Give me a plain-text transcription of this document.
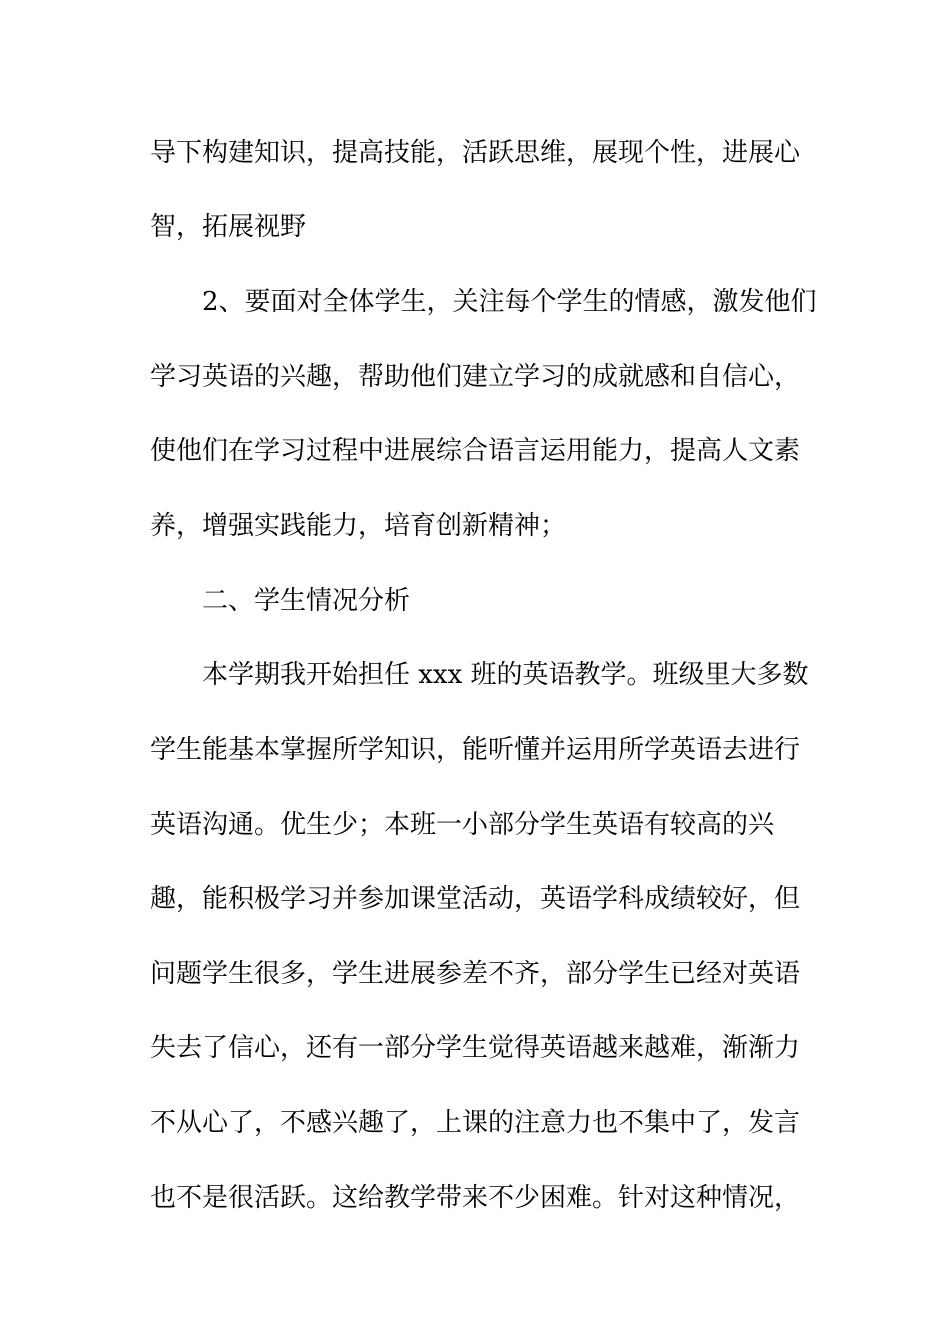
导下构建知识，提高技能，活跃思维，展现个性，进展心
智，拓展视野
2、要面对全体学生，关注每个学生的情感，激发他们
学习英语的兴趣，帮助他们建立学习的成就感和自信心，
使他们在学习过程中进展综合语言运用能力，提高人文素
养，增强实践能力，培育创新精神；
二、学生情况分析
本学期我开始担任 xxx 班的英语教学。班级里大多数
学生能基本掌握所学知识，能听懂并运用所学英语去进行
英语沟通。优生少；本班一小部分学生英语有较高的兴
趣，能积极学习并参加课堂活动，英语学科成绩较好，但
问题学生很多，学生进展参差不齐，部分学生已经对英语
失去了信心，还有一部分学生觉得英语越来越难，渐渐力
不从心了，不感兴趣了，上课的注意力也不集中了，发言
也不是很活跃。这给教学带来不少困难。针对这种情况，
